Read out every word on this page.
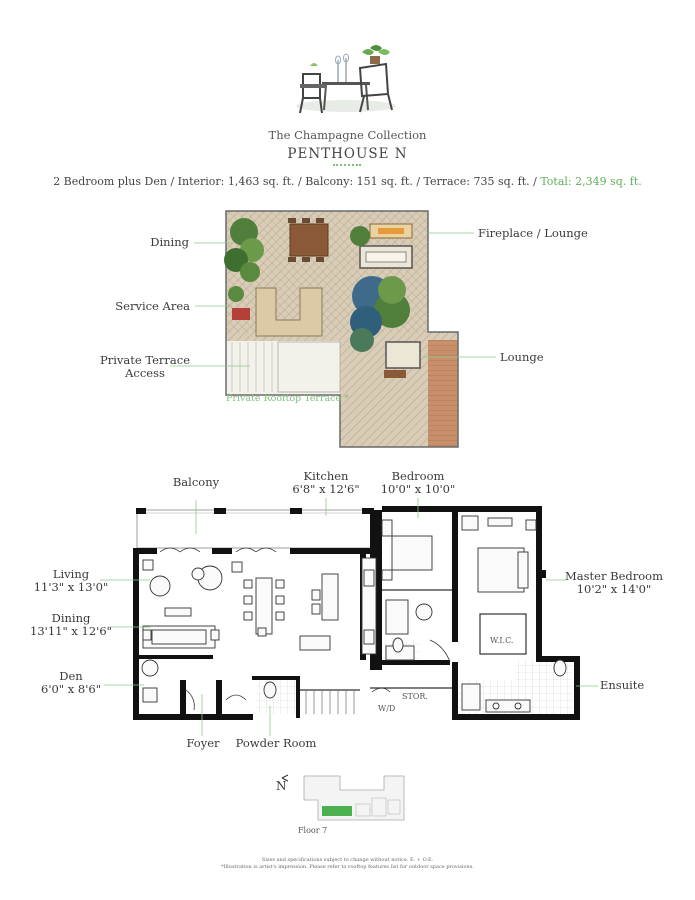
The Champagne Collection
PENTHOUSE N
2 Bedroom plus Den / Interior: 1,463 sq. ft. / Balcony: 151 sq. ft. / Terrace: 735 sq. ft. / Total: 2,349 sq. ft.
Dining
Service Area
Private Terrace
Access
Fireplace / Lounge
Lounge
Private Rooftop Terrace *
Balcony	Kitchen
6'8" x 12'6"
Bedroom
10'0" x 10'0"
Living
11'3" x 13'0"
Dining
13'11" x 12'6"
Den
6'0" x 8'6"
Master Bedroom
10'2" x 14'0"
Ensuite
Foyer	Powder Room
W.I.C.
STOR.
W/D
N
Floor 7
Sizes and specifications subject to change without notice. E. + O.E.
*Illustration is artist's impression. Please refer to rooftop features list for outdoor space provisions.
